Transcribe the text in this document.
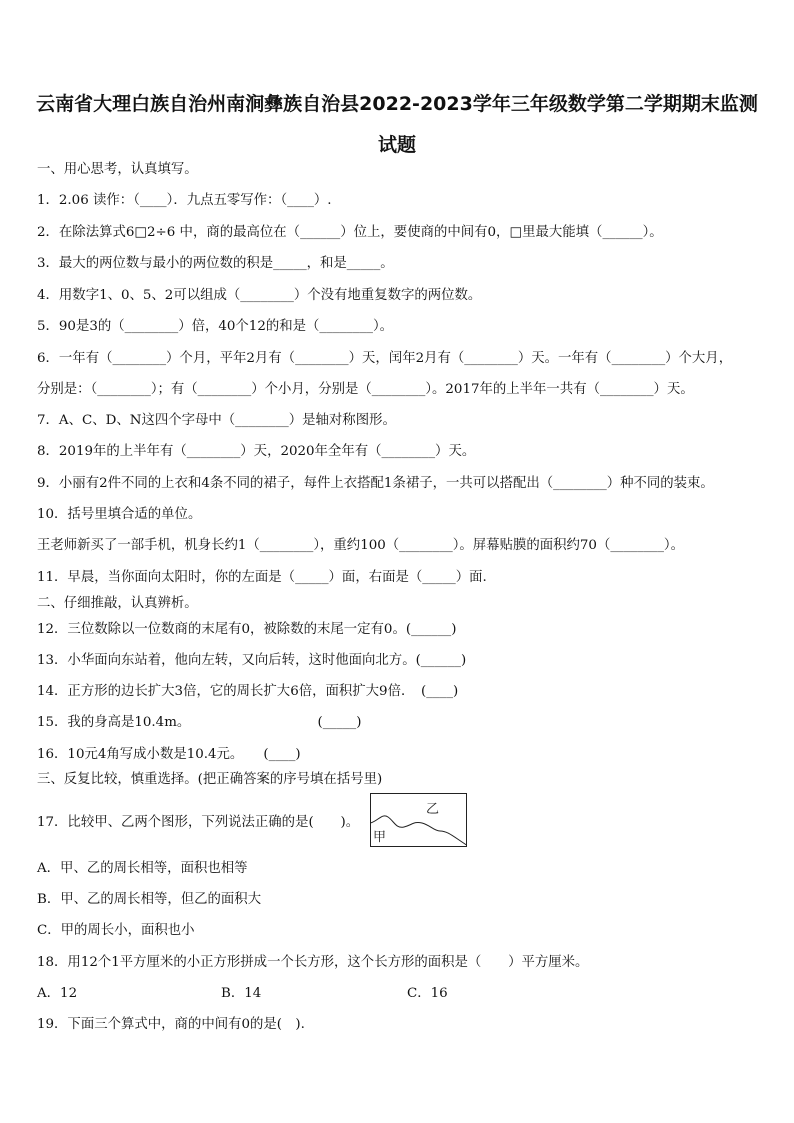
云南省大理白族自治州南涧彝族自治县2022-2023学年三年级数学第二学期期末监测
试题
一、用心思考，认真填写。
1．2.06 读作：（____）．九点五零写作：（____）.
2．在除法算式6□2÷6 中，商的最高位在（______）位上，要使商的中间有0，□里最大能填（______）。
3．最大的两位数与最小的两位数的积是_____，和是_____。
4．用数字1、0、5、2可以组成（________）个没有地重复数字的两位数。
5．90是3的（________）倍，40个12的和是（________）。
6．一年有（________）个月，平年2月有（________）天，闰年2月有（________）天。一年有（________）个大月，
分别是：（________）；有（________）个小月，分别是（________）。2017年的上半年一共有（________）天。
7．A、C、D、N这四个字母中（________）是轴对称图形。
8．2019年的上半年有（________）天，2020年全年有（________）天。
9．小丽有2件不同的上衣和4条不同的裙子，每件上衣搭配1条裙子，一共可以搭配出（________）种不同的装束。
10．括号里填合适的单位。
王老师新买了一部手机，机身长约1（________），重约100（________）。屏幕贴膜的面积约70（________）。
11．早晨，当你面向太阳时，你的左面是（_____）面，右面是（_____）面.
二、仔细推敲，认真辨析。
12．三位数除以一位数商的末尾有0，被除数的末尾一定有0。(______)
13．小华面向东站着，他向左转，又向后转，这时他面向北方。(______)
14．正方形的边长扩大3倍，它的周长扩大6倍，面积扩大9倍．　(____)
15．我的身高是10.4m。　　　　　　　　　　(_____)
16．10元4角写成小数是10.4元。　　(____)
三、反复比较，慎重选择。(把正确答案的序号填在括号里)
17．比较甲、乙两个图形，下列说法正确的是(　　)。
甲
乙
A．甲、乙的周长相等，面积也相等
B．甲、乙的周长相等，但乙的面积大
C．甲的周长小，面积也小
18．用12个1平方厘米的小正方形拼成一个长方形，这个长方形的面积是（　　）平方厘米。
A．12	B．14	C．16
19．下面三个算式中，商的中间有0的是(　).
